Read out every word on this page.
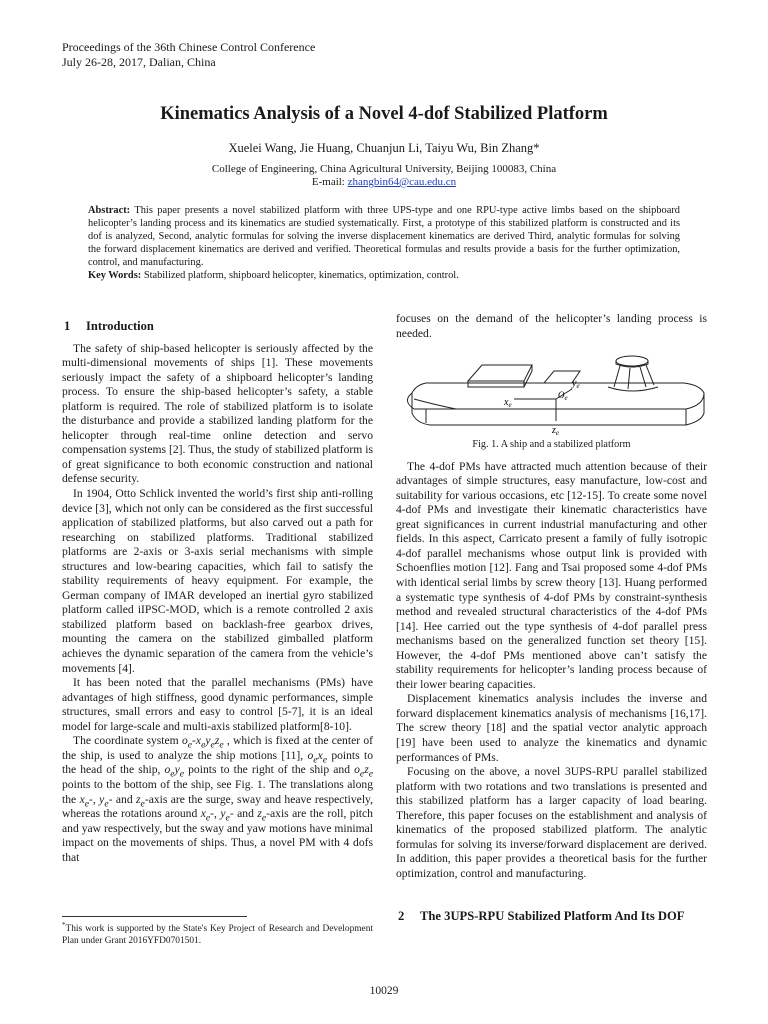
Proceedings of the 36th Chinese Control Conference
July 26-28, 2017, Dalian, China
Kinematics Analysis of a Novel 4-dof Stabilized Platform
Xuelei Wang, Jie Huang, Chuanjun Li, Taiyu Wu, Bin Zhang*
College of Engineering, China Agricultural University, Beijing 100083, China
E-mail: zhangbin64@cau.edu.cn

Abstract: This paper presents a novel stabilized platform with three UPS-type and one RPU-type active limbs based on the shipboard helicopter’s landing process and its kinematics are studied systematically. First, a prototype of this stabilized platform is constructed and its dof is analyzed, Second, analytic formulas for solving the inverse displacement kinematics are derived Third, analytic formulas for solving the forward displacement kinematics are derived and verified. Theoretical formulas and results provide a basis for the further optimization, control, and manufacturing.

Key Words: Stabilized platform, shipboard helicopter, kinematics, optimization, control.

1 Introduction

The safety of ship-based helicopter is seriously affected by the multi-dimensional movements of ships [1]. These movements seriously impact the safety of a shipboard helicopter’s landing process. To ensure the ship-based helicopter’s safety, a stable platform is required. The role of stabilized platform is to isolate the disturbance and provide a stabilized landing platform for the helicopter through real-time online detection and servo compensation systems [2]. Thus, the study of stabilized platform is of great significance to both economic construction and national defense security.

In 1904, Otto Schlick invented the world’s first ship anti-rolling device [3], which not only can be considered as the first successful application of stabilized platforms, but also carved out a path for researching on stabilized platforms. Traditional stabilized platforms are 2-axis or 3-axis serial mechanisms with simple structures and low-bearing capacities, which fail to satisfy the stability requirements of heavy equipment. For example, the German company of IMAR developed an inertial gyro stabilized platform called iIPSC-MOD, which is a remote controlled 2 axis stabilized platform based on backlash-free gearbox drives, mounting the camera on the stabilized gimballed platform achieves the dynamic separation of the camera from the vehicle’s movements [4].

It has been noted that the parallel mechanisms (PMs) have advantages of high stiffness, good dynamic performances, simple structures, small errors and easy to control [5-7], it is an ideal model for large-scale and multi-axis stabilized platform[8-10].

The coordinate system $o_e-x_ey_ez_e$ , which is fixed at the center of the ship, is used to analyze the ship motions [11], $o_ex_e$ points to the head of the ship, $o_ey_e$ points to the right of the ship and $o_ez_e$ points to the bottom of the ship, see Fig. 1. The translations along the $x_e-$, $y_e-$ and $z_e$-axis are the surge, sway and heave respectively, whereas the rotations around $x_e-$, $y_e-$ and $z_e$-axis are the roll, pitch and yaw respectively, but the sway and yaw motions have minimal impact on the movements of ships. Thus, a novel PM with 4 dofs that

*This work is supported by the State's Key Project of Research and Development Plan under Grant 2016YFD0701501.

focuses on the demand of the helicopter’s landing process is needed.

$y_e$
$O_e$
$x_e$
$z_e$
Fig. 1. A ship and a stabilized platform

The 4-dof PMs have attracted much attention because of their advantages of simple structures, easy manufacture, low-cost and suitability for various occasions, etc [12-15]. To create some novel 4-dof PMs and investigate their kinematic characteristics have great significances in current industrial manufacturing and other fields. In this aspect, Carricato present a family of fully isotropic 4-dof parallel mechanisms whose output link is provided with Schoenflies motion [12]. Fang and Tsai proposed some 4-dof PMs with identical serial limbs by screw theory [13]. Huang performed a systematic type synthesis of 4-dof PMs by constraint-synthesis method and revealed structural characteristics of the 4-dof PMs [14]. Hee carried out the type synthesis of 4-dof parallel press mechanisms based on the generalized function set theory [15]. However, the 4-dof PMs mentioned above can’t satisfy the stability requirements for helicopter’s landing process because of their lower bearing capacities.

Displacement kinematics analysis includes the inverse and forward displacement kinematics analysis of mechanisms [16,17]. The screw theory [18] and the spatial vector analytic approach [19] have been used to analyze the kinematics and dynamic performances of PMs.

Focusing on the above, a novel 3UPS-RPU parallel stabilized platform with two rotations and two translations is presented and this stabilized platform has a larger capacity of load bearing. Therefore, this paper focuses on the establishment and analysis of kinematics of the proposed stabilized platform. The analytic formulas for solving its inverse/forward displacement are derived. In addition, this paper provides a theoretical basis for the further optimization, control and manufacturing.

2 The 3UPS-RPU Stabilized Platform And Its DOF
10029
